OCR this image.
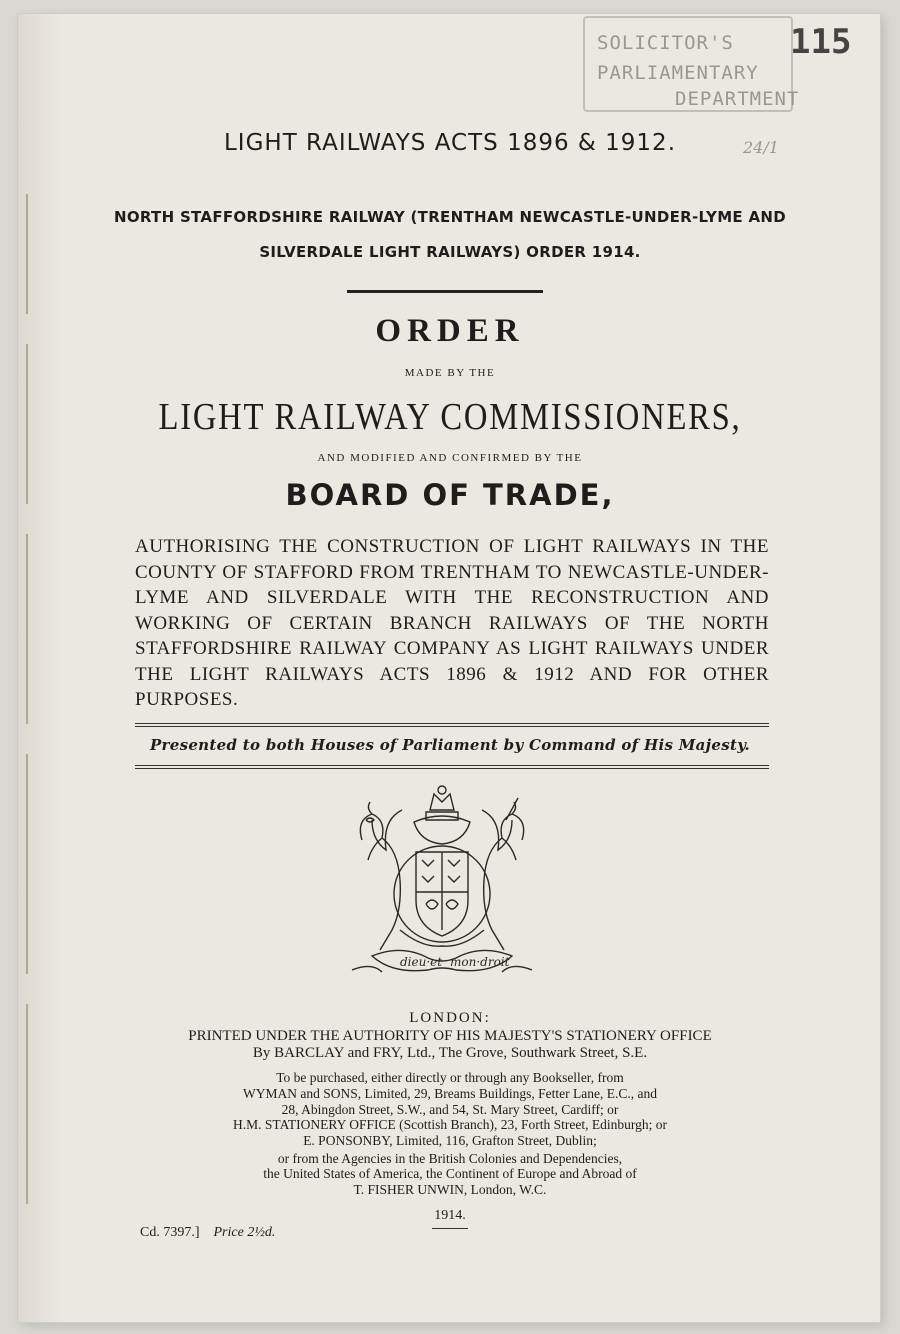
SOLICITOR'S
PARLIAMENTARY
DEPARTMENT
24/1
115
LIGHT RAILWAYS ACTS 1896 & 1912.
NORTH STAFFORDSHIRE RAILWAY (TRENTHAM NEWCASTLE-UNDER-LYME AND
SILVERDALE LIGHT RAILWAYS) ORDER 1914.
ORDER
MADE BY THE
LIGHT RAILWAY COMMISSIONERS,
AND MODIFIED AND CONFIRMED BY THE
BOARD OF TRADE,
AUTHORISING THE CONSTRUCTION OF LIGHT RAILWAYS IN THE COUNTY OF STAFFORD FROM TRENTHAM TO NEWCASTLE-UNDER-LYME AND SILVERDALE WITH THE RECONSTRUCTION AND WORKING OF CERTAIN BRANCH RAILWAYS OF THE NORTH STAFFORDSHIRE RAILWAY COMPANY AS LIGHT RAILWAYS UNDER THE LIGHT RAILWAYS ACTS 1896 & 1912 AND FOR OTHER PURPOSES.
Presented to both Houses of Parliament by Command of His Majesty.
dieu·et mon·droit
LONDON:
PRINTED UNDER THE AUTHORITY OF HIS MAJESTY'S STATIONERY OFFICE
By BARCLAY and FRY, Ltd., The Grove, Southwark Street, S.E.
To be purchased, either directly or through any Bookseller, from
WYMAN and SONS, Limited, 29, Breams Buildings, Fetter Lane, E.C., and
28, Abingdon Street, S.W., and 54, St. Mary Street, Cardiff; or
H.M. STATIONERY OFFICE (Scottish Branch), 23, Forth Street, Edinburgh; or
E. PONSONBY, Limited, 116, Grafton Street, Dublin;
or from the Agencies in the British Colonies and Dependencies,
the United States of America, the Continent of Europe and Abroad of
T. FISHER UNWIN, London, W.C.
1914.
Cd. 7397.] Price 2½d.
